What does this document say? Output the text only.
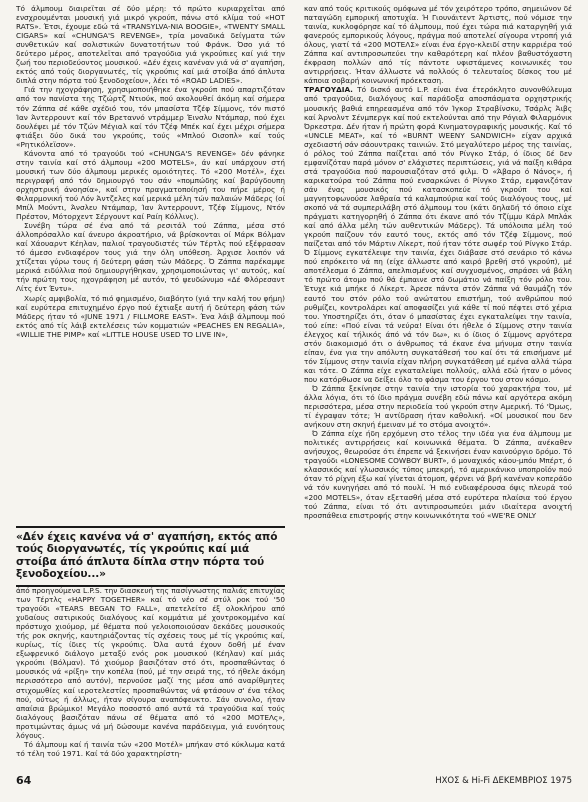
Τό άλμπουμ διαιρεϊται σέ δύο μέρη: τό πρώτο κυριαρχεϊται από ενσχρουμένται μουσική yιά μικρό γκρούπ, πάνω στό κλίμα τού «HOT RATS». Έτσι, έχουμε εδώ τά «TRANSYLVA-NIA BOOGIE», «TWENTY SMALL CIGARS» καί «CHUNGA'S REVENGE», τρία μοναδικά δείγματα τών συνθετικών καί σολιστικών δυνατοτήτων τού Φράνκ. Όσο yιά τό δεύτερο μέρος, αποτελεϊται από τραγούδια yιά γκρούπιες καί yιά την ζωή του περιοδεύοντος μουσικού. «Δέν έχεις κανέναν yιά νά σ' αγαπήση, εκτός από τούς διοργανωτές, τίς γκρούπις καί μιά στοίβα άπό άπλυτα διπλά στην πόρτα τού ξενοδοχείου», λέει τό «ROAD LADIES».

Γιά την ηχογράφηση, χρησιμοποιήθηκε ένα γκρούπ πού απαρτιζόταν από τον πανίστα της Τζώρτζ Ντιούκ, πού ακολουθεί άκόμη καί σήμερα τόν Ζάππα σέ κάθε σχέδιό του, τόν μπασίστα Τζέφ Σίμμονς, τόν πιστό Ίαν Άντερρουντ καί τόν Βρεταννό ντράμμερ Έινσλυ Ντάμπαρ, πού έχει δουλέψει μέ τόν Τζών Μέγιαλ καί τόν Τζέφ Μπέκ καί έχει μέχρι σήμερα φτιάξει δύο δικά του γκρούπς, τούς «Μπλού Οισοπλ» καί τούς «Ρητικόλεϊσον».

Κάνοντα από τό τραγούδι τού «CHUNGA'S REVENGE» δέν φάνηκε στην ταινία καί στό άλμπουμ «200 MOTELS», άν καί υπάρχουν στή μουσική των δύο άλμπουμ μερικές ομοιότητες. Τό «200 Μοτέλ», έχει περιγραφή από τόν δημιουργό του σάν «πομπώδης καί βαρύγδουπη ορχηστρική άνοησία», καί στην πραγματοποίησή του πήρε μέρος ή Φιλαρμονική τού Λόν Άντζελες καί μερικά μέλη τών παλαιών Μάδερς (οί Μπίλ Μούντι, Άνσλευ Ντάμπαρ, Ίαν Άντερρουντ, Τζέφ Σίμμονς, Ντόν Πρέστον, Μότορχεντ Σέργουντ καί Ραίη Κόλλινς).

Συνέβη τώρα σέ ένα από τά ρεσιτάλ τού Ζάππα, μέσα στό άλλοπρόσαλλο καί άνευρο άκροατήριο, νά βρίσκονται οί Μάρκ Βόλμαν καί Χάουαρντ Κέηλαν, παλιοί τραγουδιστές τών Τέρτλς πού εξέφρασαν τό άμεσο ενδιαφέρον τους yιά την όλη υπόθεση. Άρχισε λοιπόν νά χτίζεται γύρω τους ή δεύτερη φάση τών Μάδερς. Ό Ζάππα παρέκαμψε μερικά ειδύλλια πού δημιουργήθηκαν, χρησιμοποιώντας γι' αυτούς, καί τήν πρώτη τους ηχογράφηση μέ αυτόν, τό ψευδώνυμο «Δέ Φλόρεσαντ Λίτς έντ Έντυ».

Χωρίς αμφιβολία, τό πιό φημισμένο, διαβόητο (yιά την καλή του φήμη) καί ευρύτερα επιτυχημένο έργο πού έχτιαξε αυτή ή δεύτερη φάση τών Μάδερς ήταν τό «JUNE 1971 / FILLMORE EAST». Ένα λάιβ άλμπουμ πού εκτός από τίς λάιβ εκτελέσεις τών κομματιών «PEACHES EN REGALIA», «WILLIE THE PIMP» καί «LITTLE HOUSE USED TO LIVE IN»,

«Δέν έχεις κανένα νά σ' αγαπήση, εκτός από τούς διοργανωτές, τίς γκρούπις καί μιά στοίβα άπό άπλυτα δίπλα στην πόρτα τού ξενοδοχείου...»

άπό προηγούμενα L.P.S. την διασκευή της πασίγνωστης παλιάς επιτυχίας των Τέρτλς «HAPPY TOGETHER» καί τό νέο σέ στύλ ροκ τού '50 τραγούδι «TEARS BEGAN TO FALL», απετελείτο έξ ολοκλήρου από χυδαίους σατιρικούς διαλόγους καί κομμάτια μέ χοντροκομμένο καί πρόστυχο χιούμορ, μέ θέματα πού γελοιοποιούσαν δεκάδες μουσικούς τής ροκ σκηνής, καυτηριάζοντας τίς σχέσεις τους μέ τίς γκρούπις καί, κυρίως, τίς ίδιες τίς γκρούπις. Όλα αυτά έχουν δοθή μέ έναν εξωφρενικό διάλογο μεταξύ ενός ροκ μουσικού (Κέηλαν) καί μιάς γκρούπι (Βόλμαν). Τό χιούμορ βασιζόταν στό ότι, προσπαθώντας ό μουσικός νά «ρίξη» την κοπέλα (πού, μέ την σειρά της, τό ήθελε άκόμη περισσότερο από αυτόν), περνούσε μαζί της μέσα από αναρίθμητες στιχομυθίες καί ιεροτελεστίες προσπαθώντας νά φτάσουν σ' ένα τέλος πού, ούτως ή άλλως, ήταν σίγουρα αναπόφευκτο. Σάν συνολο, ήταν απαίσια βρώμικο! Μεγάλο ποσοστό από αυτά τά τραγούδια καί τούς διαλόγους βασιζόταν πάνω σέ θέματα από τό «200 ΜΟΤΕΛς», προτιμώντας άμως νά μή δώσουμε κανένα παράδειγμα, yιά ευνόητους λόγους.

Τό άλμπουμ καί ή ταινία τών «200 Μοτέλ» μπήκαν στό κύκλωμα κατά τό τέλη τού 1971. Καί τά δύο χαρακτηρίστη-

καν από τούς κριτικούς ομόφωνα μέ τόν χειρότερο τρόπο, σημειώνον δέ παταγώδη εμπορική αποτυχία. Ή Γιουνάιτεντ Άρτιστς, πού νόμισε την ταινία, κυκλοφόρησε καί τό άλμπουμ, πού έχει τώρα πιά καταργηθή yιά φανερούς εμπορικούς λόγους, πράγμα πού αποτελεί σίγουρα ντροπή yιά όλους, γιατί τά «200 ΜΟΤΕΛΣ» είναι ένα έργο-κλειδί στην καρριέρα τού Ζάππα καί αντιπροσωπεύει την καθαρότερη καί πλέον βαθυστόχαστη έκφραση πολλών από τίς πάντοτε υφιστάμενες κοινωνικές του αντιρρήσεις. Ήταν άλλωστε νά πολλούς ό τελευταίος δίσκος του μέ κάποια σοβαρή κοινωνική πρόεκταση.

ΤΡΑΓΟΥΔΙΑ. Τό δισκό αυτό L.P. είναι ένα έτερόκλητο συνονθύλευμα από τραγούδια, διαλόγους καί παράδοξα αποσπάσματα ορχηστρικής μουσικής βαθιά επηρεασμένα από τόν Ίγκορ Στραβίνσκυ, Τσάρλς Άιβς καί Άρνολντ Σένμπεργκ καί πού εκτελούνται από την Ρόγιαλ Φιλαρμόνικ Όρκεστρα. Δέν ήταν ή πρώτη φορά Κινηματογραφικής μουσικής. Καί τό «UNCLE MEAT», καί τό «BURNT WEENY SANDWICH» είχαν αρχικά σχεδιαστή σάν σάουντρακς ταινιών. Στό μεγαλύτερο μέρος της ταινίας, ό ρόλος τού Ζάππα παίζεται από τόν Ρίνγκο Στάρ, ό ίδιος δέ δεν εμφανίζόταν παρά μόνον σ' ελάχιστες περιπτώσεις, yιά νά παίξη κιθάρα στά τραγούδια πού παρουσιαζόταν στό φιλμ. Ό «Άβαρο ό Νάνος», ή καρικατούρα τού Ζάππα πού ενσαρκώνει ό Ρίνγκο Στάρ, εμφανιζόταν σάν ένας μουσικός πού κατασκοπεύε τό γκρούπ του καί μαγνητοφωνούσε λαθραία τά καλαμπούρια καί τούς διαλόγους τους, μέ σκοπό νά τά συμπεριλάβη στό άλμπουμ του (κάτι δηλαδή τό όποιο είχε πράγματι κατηγορηθή ό Ζάππα ότι έκανε από τόν Τζίμμυ Κάρλ Μπλάκ καί από άλλα μέλη τών αυθεντικών Μάδερς). Τά υπόλοιπα μέλη τού γκρούπ παίζουν τόν εαυτό τους, εκτός από τόν Τζέφ Σίμμονς, πού παίζεται από τόν Μάρτιν Λίκερτ, πού ήταν τότε σωφέρ τού Ρίνγκο Στάρ. Ό Σίμμονς εγκατέλειψε την ταινία, έχει διάβασε στό σενάριο τό κάνω πού επρόκειτο νά πη (είχε άλλωστε από καιρό βρεθή στό γκρούπ), μέ αποτέλεσμα ό Ζάππα, απελπισμένος καί συγχυσμένος, σπράσει νά βάλη τό πρώτο άτομο πού θά έμπαινε στό δωμάτιο νά παίξη τόν ρόλο του. Έτυχε κιά μπήκε ό Λίκερτ. Άρεσε πάντα στόν Ζάππα νά θαυμάζη τόν εαυτό του στόν ρόλο τού ανώτατου επιστήμη, τού ανθρώπου πού ρυθμίζει, κοντρολάρει καί αποφασίζει yιά κάθε τί πού πέφτει στό χέρια του. Υποστηρίζει ότι, όταν ό μπασίστας έχει εγκαταλείψει την ταινία, τού είπε: «Πού είναι τά νεύρα! Είναι ότι ήθελε ό Σίμμονς στην ταινία έλεγχος καί τήλικός άπό νά τόν δω», κι ό ίδιος ό Σίμμονς αργότερα στόν διακομισμό ότι ο άνθρωπος τά έκανε ένα μήνυμα στην ταινία είπαν, ένα για την απόλυτη συγκατάθεσή του καί ότι τά επισήμανε μέ τόν Σίμμονς στην ταινία είχαν πλήρη συγκατάθεση μέ εμένα αλλά τώρα και τότε. Ο Ζάππα είχε εγκαταλείψει πολλούς, αλλά εδώ ήταν ο μόνος που κατόρθωσε να δείξει όλο το φάσμα του έργου του στον κόσμο.

Ό Ζάππα ξεκίνησε στην ταινία την ιστορία τού χαρακτήρα του, μέ άλλα λόγια, ότι τό ίδιο πράγμα συνέβη εδώ πάνω καί αργότερα ακόμη περισσότερα, μέσα στην περιοδεία τού γκρούπ στην Αμερική. Τό 'Όμως, τί έγραψαν τότε; Ή αντίδραση ήταν καθολική. «Οί μουσικοί που δεν ανήκουν στη σκηνή έμειναν μέ το στόμα ανοιχτό».

Ό Ζάππα είχε ήδη ερχόμενη στο τέλος την ιδέα για ένα άλμπουμ με πολιτικές αντιρρήσεις καί κοινωνικά θέματα. Ό Ζάππα, ανέκαθεν ανήσυχος, θεωρούσε ότι έπρεπε νά ξεκινήσει έναν καινούργιο δρόμο. Τό τραγούδι «LONESOME COWBOY BURT», ό μοναχικός κάου-μπόυ Μπέρτ, ό κλασσικός καί γλωσσικός τύπος μπεκρή, τό αμερικάνικο υποπροϊόν πού όταν τό ρίχνη έξω καί γίνεται άτομοπ, φέρνει νά βρή κανέναν κοπεράδο νά τόν κυνηγήσει από τό πουλί. Ή πιό ενδιαφέρουσα όψις πλευρά τού «200 MOTELS», όταν εξετασθή μέσα στό ευρύτερα πλαίσια τού έργου τού Ζάππα, είναι τό ότι αντιπροσωπεύει μιάν ιδιαίτερα ανοιχτή προσπάθεια επιστροφής στην κοινωνικότητα τού «WE'RE ONLY

64	ΗΧΟΣ & Hi-Fi ΔΕΚΕΜΒΡΙΟΣ 1975
